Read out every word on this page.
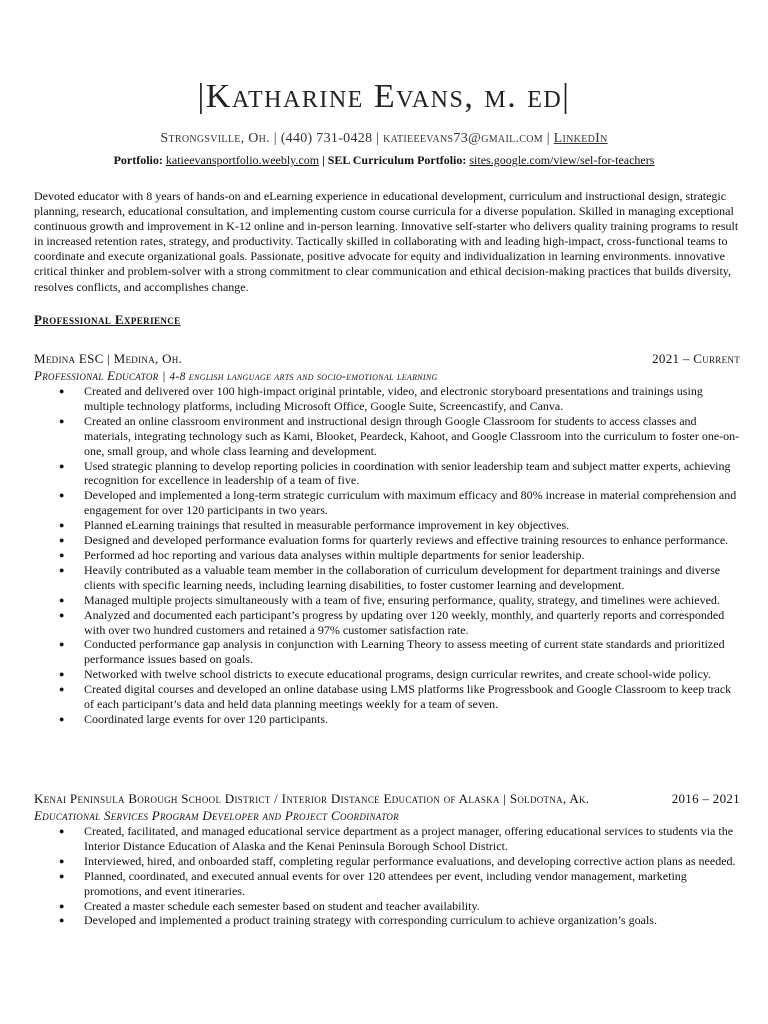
|Katharine Evans, m. ed|
Strongsville, Oh. | (440) 731-0428 | katieeevans73@gmail.com | LinkedIn
Portfolio: katieevansportfolio.weebly.com | SEL Curriculum Portfolio: sites.google.com/view/sel-for-teachers
Devoted educator with 8 years of hands-on and eLearning experience in educational development, curriculum and instructional design, strategic planning, research, educational consultation, and implementing custom course curricula for a diverse population. Skilled in managing exceptional continuous growth and improvement in K-12 online and in-person learning. Innovative self-starter who delivers quality training programs to result in increased retention rates, strategy, and productivity. Tactically skilled in collaborating with and leading high-impact, cross-functional teams to coordinate and execute organizational goals. Passionate, positive advocate for equity and individualization in learning environments. innovative critical thinker and problem-solver with a strong commitment to clear communication and ethical decision-making practices that builds diversity, resolves conflicts, and accomplishes change.
Professional Experience
Medina ESC | Medina, Oh.	2021 – Current
Professional Educator | 4-8 english language arts and socio-emotional learning
● Created and delivered over 100 high-impact original printable, video, and electronic storyboard presentations and trainings using multiple technology platforms, including Microsoft Office, Google Suite, Screencastify, and Canva.
● Created an online classroom environment and instructional design through Google Classroom for students to access classes and materials, integrating technology such as Kami, Blooket, Peardeck, Kahoot, and Google Classroom into the curriculum to foster one-on-one, small group, and whole class learning and development.
● Used strategic planning to develop reporting policies in coordination with senior leadership team and subject matter experts, achieving recognition for excellence in leadership of a team of five.
● Developed and implemented a long-term strategic curriculum with maximum efficacy and 80% increase in material comprehension and engagement for over 120 participants in two years.
● Planned eLearning trainings that resulted in measurable performance improvement in key objectives.
● Designed and developed performance evaluation forms for quarterly reviews and effective training resources to enhance performance.
● Performed ad hoc reporting and various data analyses within multiple departments for senior leadership.
● Heavily contributed as a valuable team member in the collaboration of curriculum development for department trainings and diverse clients with specific learning needs, including learning disabilities, to foster customer learning and development.
● Managed multiple projects simultaneously with a team of five, ensuring performance, quality, strategy, and timelines were achieved.
● Analyzed and documented each participant’s progress by updating over 120 weekly, monthly, and quarterly reports and corresponded with over two hundred customers and retained a 97% customer satisfaction rate.
● Conducted performance gap analysis in conjunction with Learning Theory to assess meeting of current state standards and prioritized performance issues based on goals.
● Networked with twelve school districts to execute educational programs, design curricular rewrites, and create school-wide policy.
● Created digital courses and developed an online database using LMS platforms like Progressbook and Google Classroom to keep track of each participant’s data and held data planning meetings weekly for a team of seven.
● Coordinated large events for over 120 participants.
Kenai Peninsula Borough School District / Interior Distance Education of Alaska | Soldotna, Ak.	2016 – 2021
Educational Services Program Developer and Project Coordinator
● Created, facilitated, and managed educational service department as a project manager, offering educational services to students via the Interior Distance Education of Alaska and the Kenai Peninsula Borough School District.
● Interviewed, hired, and onboarded staff, completing regular performance evaluations, and developing corrective action plans as needed.
● Planned, coordinated, and executed annual events for over 120 attendees per event, including vendor management, marketing promotions, and event itineraries.
● Created a master schedule each semester based on student and teacher availability.
● Developed and implemented a product training strategy with corresponding curriculum to achieve organization’s goals.
